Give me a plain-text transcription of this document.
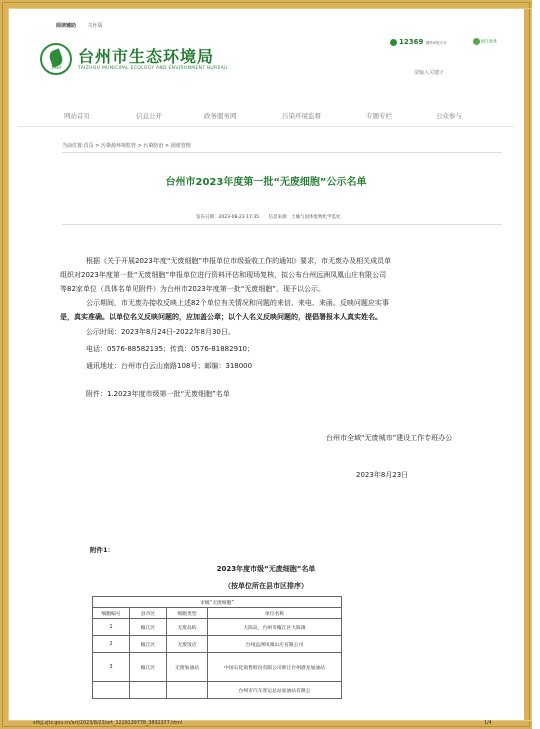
阅读辅助 关怀版
1994
台州市生态环境局
TAIZHOU MUNICIPAL ECOLOGY AND ENVIRONMENT BUREAU
12369 网络举报平台	浙江政务
请输入关键字
网站首页	信息公开	政务服务网	污染环境监督	专题专栏	公众参与
当前位置:首页 > 污染源环境监管 > 污染防治 > 固废管理
台州市2023年度第一批“无废细胞”公示名单
发布日期：2023-08-23 17:35 信息来源：土壤与固体废物化学监处
根据《关于开展2023年度“无废细胞”申报单位市级验收工作的通知》要求，市无废办及相关成员单
组织对2023年度第一批“无废细胞”申报单位进行资料评估和现场复核，拟公布台州远洲凤凰山庄有限公司
等82家单位（具体名单见附件）为台州市2023年度第一批“无废细胞”，现予以公示。
公示期间，市无废办接收反映上述82个单位有关情况和问题的来信、来电、来函。反映问题应实事
是，真实准确。以单位名义反映问题的，应加盖公章；以个人名义反映问题的，提倡署报本人真实姓名。
公示时间：2023年8月24日-2022年8月30日。
电话：0576-88582135；传真：0576-81882910；
通讯地址：台州市白云山南路108号；邮编：318000
附件：1.2023年度市级第一批“无废细胞”名单
台州市全域“无废城市”建设工作专班办公
2023年8月23日
附件1：
2023年度市级“无废细胞”名单
（按单位所在县市区排序）
市级“无废细胞”			
细胞编号	县市区	细胞类型	单位名称
1	椒江区	无废岛屿	大陈岛，台州市椒江区大陈镇
2	椒江区	无废饭店	台州远洲凤凰山庄有限公司
3	椒江区	无废加油站	中国石化销售股份有限公司浙江台州港龙加油站
			台州市汽车客运总站加油站有限公
sthjj.zjtz.gov.cn/art/2023/8/23/art_1229139778_3892377.html	1/4
